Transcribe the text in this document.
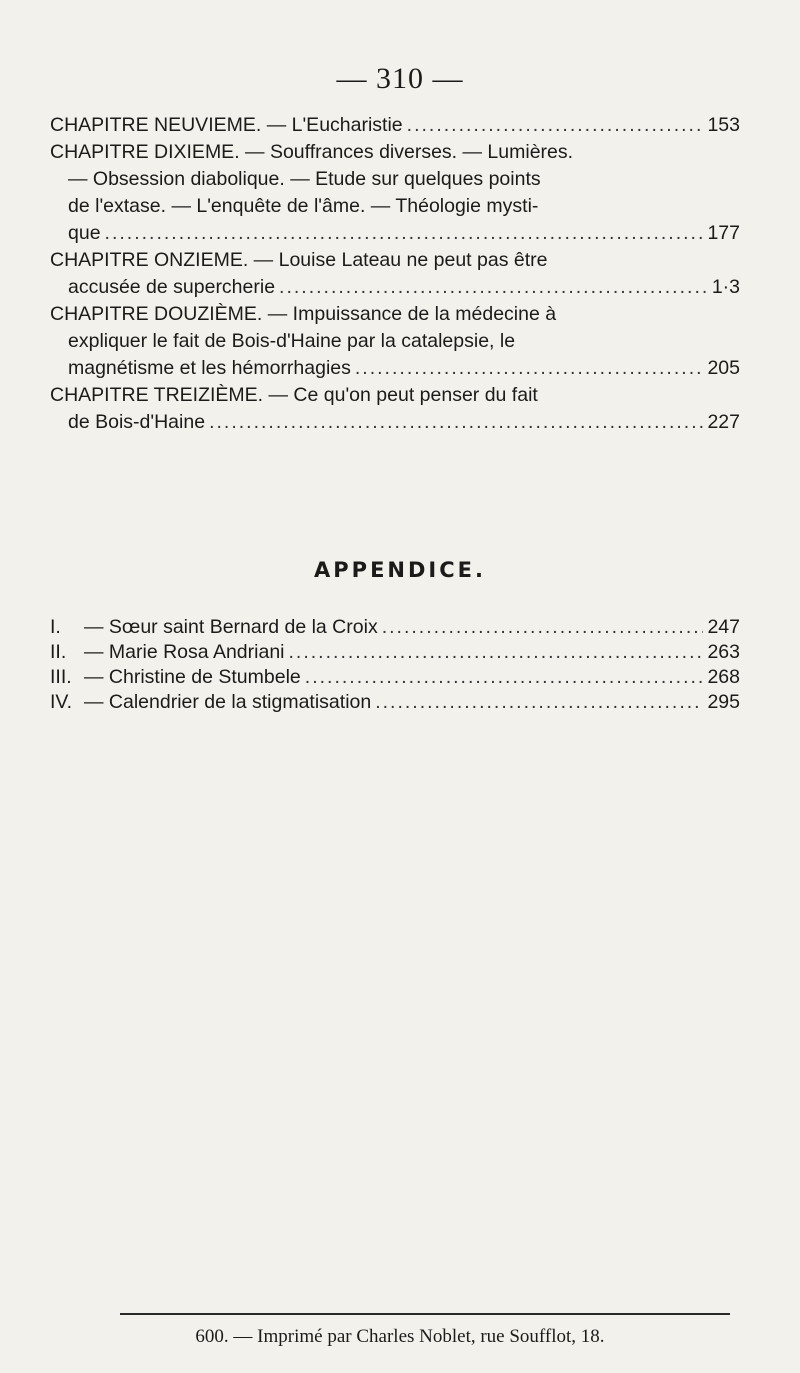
— 310 —
CHAPITRE NEUVIEME. — L'Eucharistie .....	153
CHAPITRE DIXIEME. — Souffrances diverses. — Lumières.
— Obsession diabolique. — Etude sur quelques points
de l'extase. — L'enquête de l'âme. — Théologie mysti-
que .....	177
CHAPITRE ONZIEME. — Louise Lateau ne peut pas être
accusée de supercherie .....	1·3
CHAPITRE DOUZIÈME. — Impuissance de la médecine à
expliquer le fait de Bois-d'Haine par la catalepsie, le
magnétisme et les hémorrhagies .....	205
CHAPITRE TREIZIÈME. — Ce qu'on peut penser du fait
de Bois-d'Haine .....	227
APPENDICE.
I.	— Sœur saint Bernard de la Croix .....	247
II. — Marie Rosa Andriani .....	263
III. — Christine de Stumbele .....	268
IV. — Calendrier de la stigmatisation .....	295
600. — Imprimé par Charles Noblet, rue Soufflot, 18.
